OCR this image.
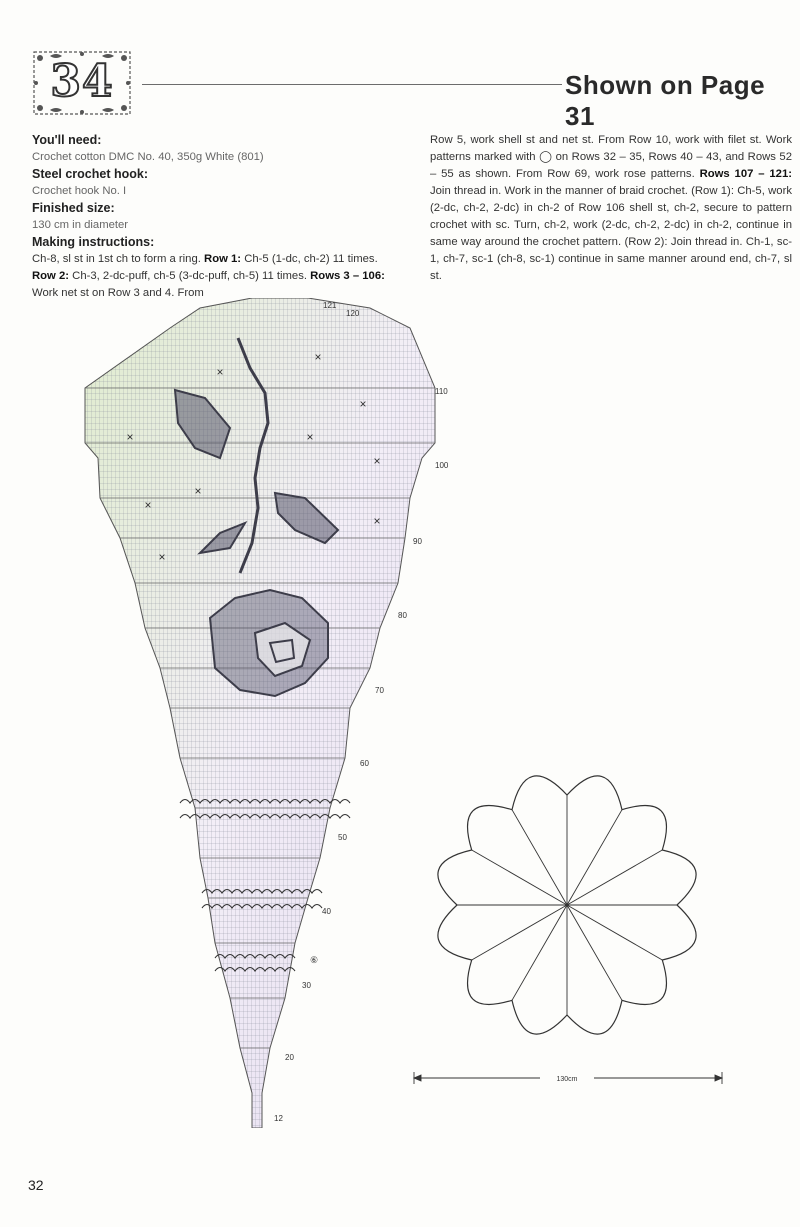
34	Shown on Page 31
You'll need:
Crochet cotton DMC No. 40, 350g White (801)
Steel crochet hook:
Crochet hook No. I
Finished size:
130 cm in diameter
Making instructions:
Ch-8, sl st in 1st ch to form a ring. Row 1: Ch-5 (1-dc, ch-2) 11 times. Row 2: Ch-3, 2-dc-puff, ch-5 (3-dc-puff, ch-5) 11 times. Rows 3 – 106: Work net st on Row 3 and 4. From
Row 5, work shell st and net st. From Row 10, work with filet st. Work patterns marked with ◯ on Rows 32 – 35, Rows 40 – 43, and Rows 52 – 55 as shown. From Row 69, work rose patterns. Rows 107 – 121: Join thread in. Work in the manner of braid crochet. (Row 1): Ch-5, work (2-dc, ch-2, 2-dc) in ch-2 of Row 106 shell st, ch-2, secure to pattern crochet with sc. Turn, ch-2, work (2-dc, ch-2, 2-dc) in ch-2, continue in same way around the crochet pattern. (Row 2): Join thread in. Ch-1, sc-1, ch-7, sc-1 (ch-8, sc-1) continue in same manner around end, ch-7, sl st.
×
×
×
×	×
×
×
×
×
×
121
120
110
100
90
80
70
60
50
40
30
20
12
⑥
130cm
32
